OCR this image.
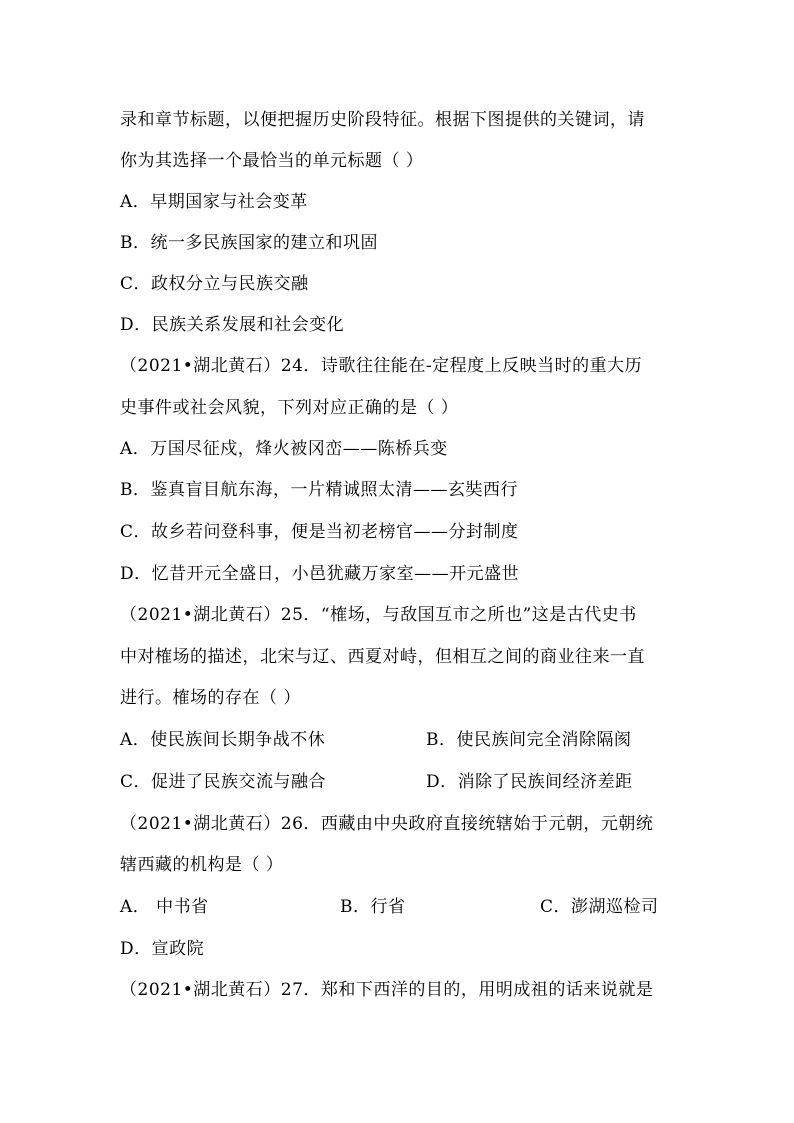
录和章节标题，以便把握历史阶段特征。根据下图提供的关键词，请
你为其选择一个最恰当的单元标题（ ）
A．早期国家与社会变革
B．统一多民族国家的建立和巩固
C．政权分立与民族交融
D．民族关系发展和社会变化
（2021•湖北黄石）24．诗歌往往能在-定程度上反映当时的重大历
史事件或社会风貌，下列对应正确的是（ ）
A．万国尽征戍，烽火被冈峦——陈桥兵变
B．鉴真盲目航东海，一片精诚照太清——玄奘西行
C．故乡若问登科事，便是当初老榜官——分封制度
D．忆昔开元全盛日，小邑犹藏万家室——开元盛世
（2021•湖北黄石）25．“榷场，与敌国互市之所也”这是古代史书
中对榷场的描述，北宋与辽、西夏对峙，但相互之间的商业往来一直
进行。榷场的存在（ ）
A．使民族间长期争战不休	B．使民族间完全消除隔阂
C．促进了民族交流与融合	D．消除了民族间经济差距
（2021•湖北黄石）26．西藏由中央政府直接统辖始于元朝，元朝统
辖西藏的机构是（ ）
A． 中书省	B．行省	C．澎湖巡检司
D．宣政院
（2021•湖北黄石）27．郑和下西洋的目的，用明成祖的话来说就是
